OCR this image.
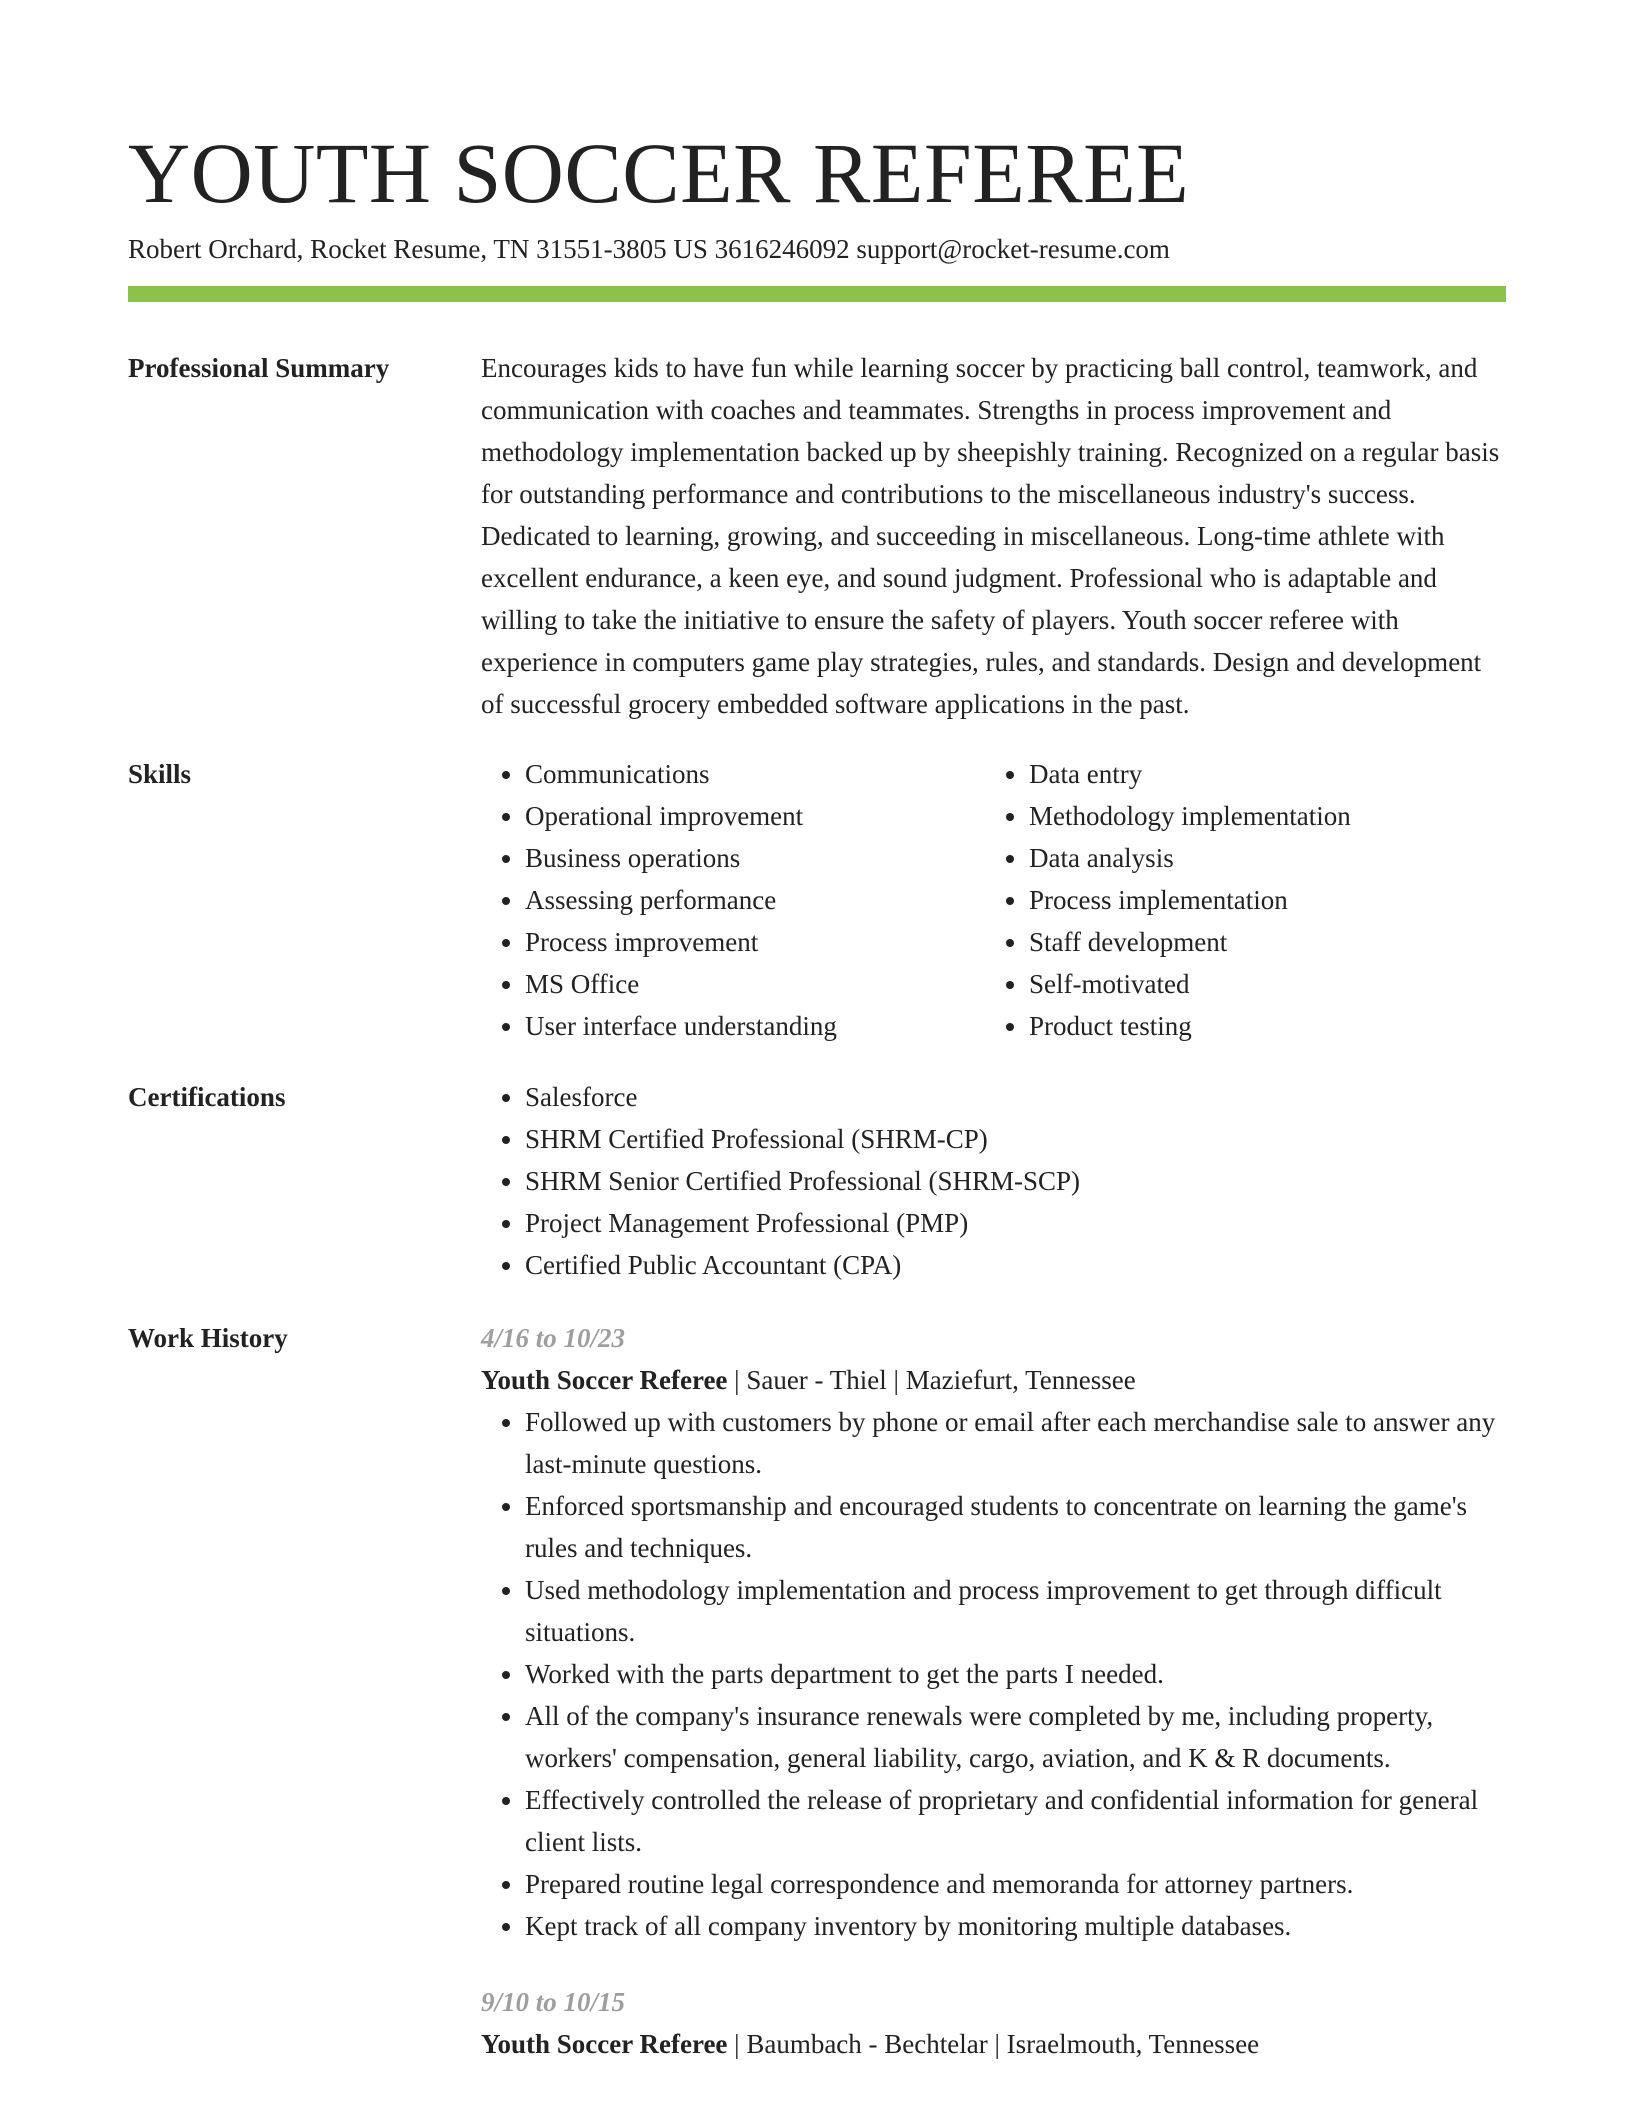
YOUTH SOCCER REFEREE
Robert Orchard, Rocket Resume, TN 31551-3805 US 3616246092 support@rocket-resume.com
Professional Summary	Encourages kids to have fun while learning soccer by practicing ball control, teamwork, and communication with coaches and teammates. Strengths in process improvement and methodology implementation backed up by sheepishly training. Recognized on a regular basis for outstanding performance and contributions to the miscellaneous industry's success. Dedicated to learning, growing, and succeeding in miscellaneous. Long-time athlete with excellent endurance, a keen eye, and sound judgment. Professional who is adaptable and willing to take the initiative to ensure the safety of players. Youth soccer referee with experience in computers game play strategies, rules, and standards. Design and development of successful grocery embedded software applications in the past.

Skills	• Communications
• Operational improvement
• Business operations
• Assessing performance
• Process improvement
• MS Office
• User interface understanding
• Data entry
• Methodology implementation
• Data analysis
• Process implementation
• Staff development
• Self-motivated
• Product testing
Certifications	• Salesforce
• SHRM Certified Professional (SHRM-CP)
• SHRM Senior Certified Professional (SHRM-SCP)
• Project Management Professional (PMP)
• Certified Public Accountant (CPA)
Work History	4/16 to 10/23
Youth Soccer Referee | Sauer - Thiel | Maziefurt, Tennessee
• Followed up with customers by phone or email after each merchandise sale to answer any last-minute questions.
• Enforced sportsmanship and encouraged students to concentrate on learning the game's rules and techniques.
• Used methodology implementation and process improvement to get through difficult situations.
• Worked with the parts department to get the parts I needed.
• All of the company's insurance renewals were completed by me, including property, workers' compensation, general liability, cargo, aviation, and K & R documents.
• Effectively controlled the release of proprietary and confidential information for general client lists.
• Prepared routine legal correspondence and memoranda for attorney partners.
• Kept track of all company inventory by monitoring multiple databases.
9/10 to 10/15
Youth Soccer Referee | Baumbach - Bechtelar | Israelmouth, Tennessee
